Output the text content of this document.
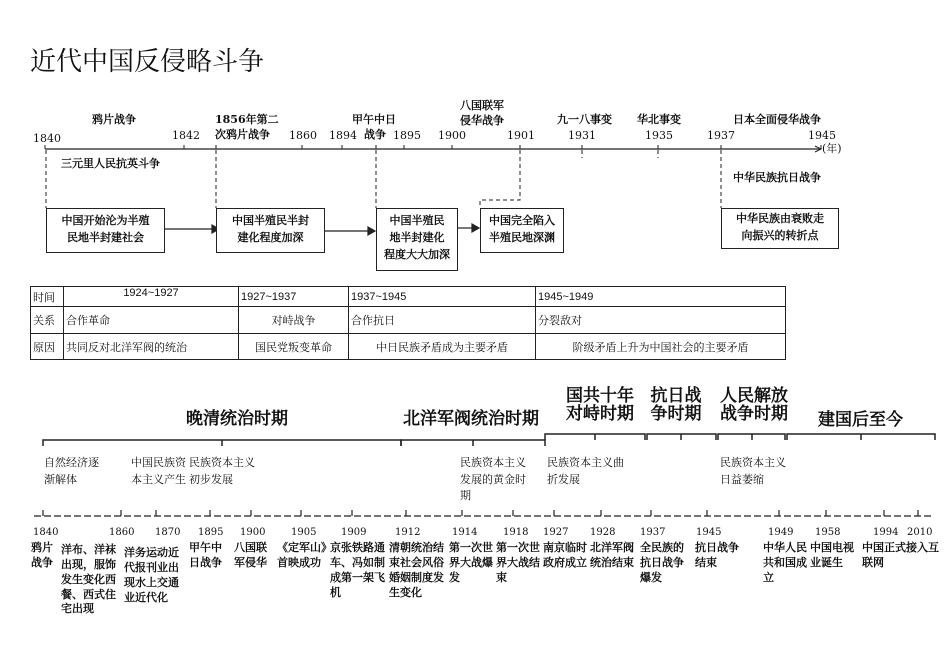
近代中国反侵略斗争
1840	1842	1860 1894	1895 1900	1901	1931	1935	1937	1945
(年)
鸦片战争	1856年第二
次鸦片战争
甲午中日
战争
八国联军
侵华战争	九一八事变 华北事变	日本全面侵华战争
三元里人民抗英斗争
中华民族抗日战争
中国开始沦为半殖
民地半封建社会
中国半殖民半封
建化程度加深
中国半殖民
地半封建化
程度大大加深
中国完全陷入
半殖民地深渊
中华民族由衰败走
向振兴的转折点
时间	1924~1927	1927~1937	1937~1945	1945~1949
关系	合作革命	对峙战争	合作抗日	分裂敌对
原因	共同反对北洋军阀的统治	国民党叛变革命	中日民族矛盾成为主要矛盾	阶级矛盾上升为中国社会的主要矛盾
晚清统治时期	北洋军阀统治时期
国共十年对峙时期
抗日战争时期
人民解放战争时期 建国后至今
自然经济逐渐解体
中国民族资本主义产生
民族资本主义初步发展
民族资本主义发展的黄金时期
民族资本主义曲折发展
民族资本主义日益萎缩
1840	1860 1870 1895 1900	1905 1909	1912	1914	1918 1927 1928 1937	1945	1949 1958	1994 2010
鸦片战争
洋布、洋袜出现，服饰发生变化西餐、西式住宅出现
洋务运动近代报刊业出现水上交通业近代化
甲午中日战争
八国联军侵华
《定军山》首映成功
京张铁路通车、冯如制成第一架飞机
清朝统治结束社会风俗婚姻制度发生变化
第一次世界大战爆发
第一次世界大战结束
南京临时政府成立
北洋军阀统治结束
全民族的抗日战争爆发
抗日战争结束
中华人民共和国成立
中国电视业诞生
中国正式接入互联网
